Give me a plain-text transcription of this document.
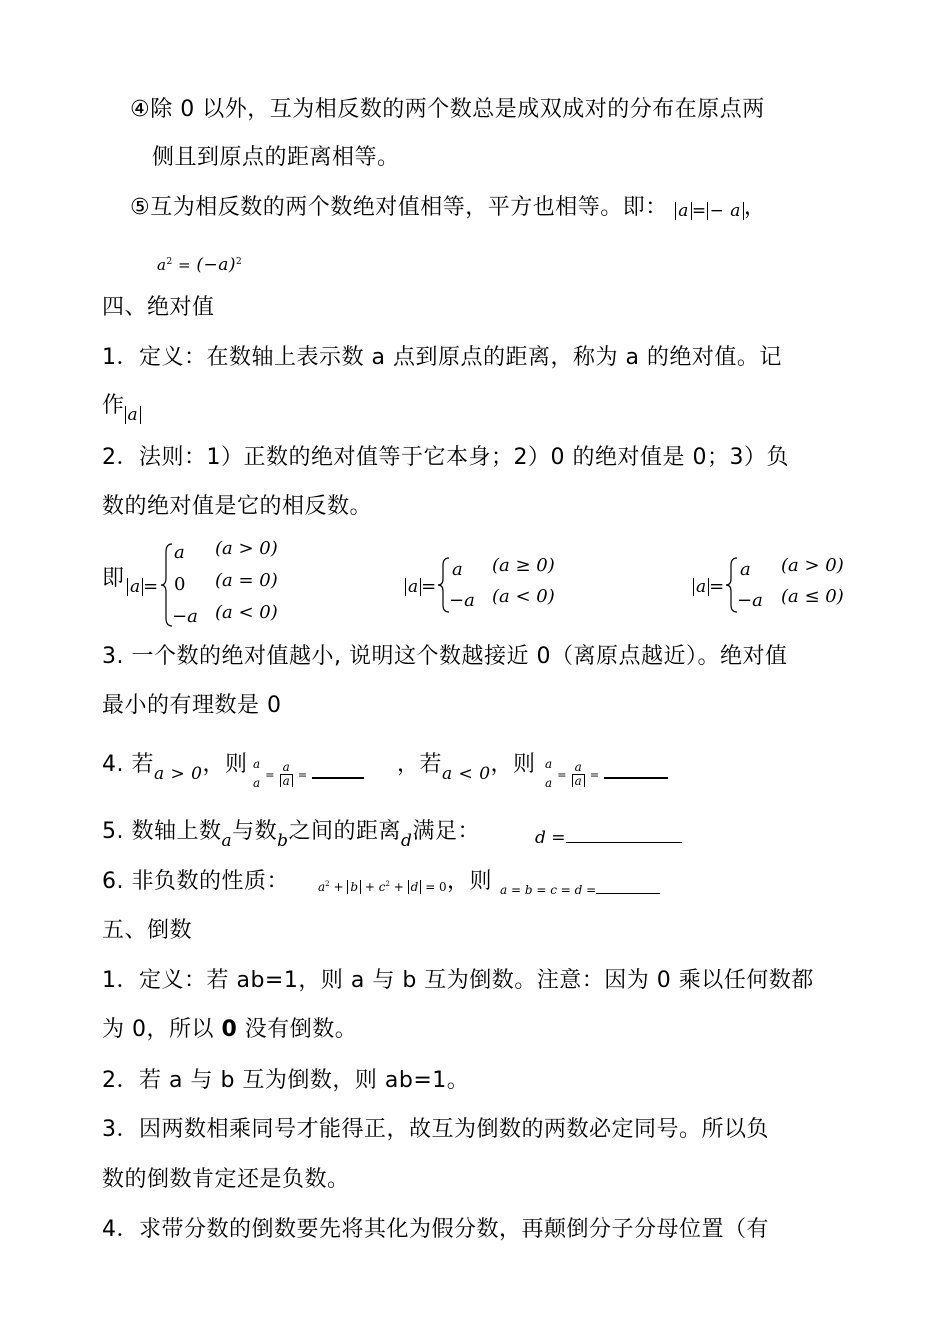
④除 0 以外，互为相反数的两个数总是成双成对的分布在原点两
侧且到原点的距离相等。
⑤互为相反数的两个数绝对值相等，平方也相等。即： a = − a ，
$a^2 = (-a)^2$
四、绝对值
1．定义：在数轴上表示数 a 点到原点的距离，称为 a 的绝对值。记
作 a
2．法则：1）正数的绝对值等于它本身；2）0 的绝对值是 0；3）负
数的绝对值是它的相反数。
即 a =
a (a > 0)
0 (a = 0)
−a (a < 0)
a =
a (a ≥ 0)
−a (a < 0)	a =
a (a > 0)
−a (a ≤ 0)
3. 一个数的绝对值越小, 说明这个数越接近 0（离原点越近）。绝对值
最小的有理数是 0
4. 若$_{a > 0}$，则 a
a
= $\frac{a}{a}$ =	，若$_{a < 0}$，则 a
a
= $\frac{a}{a}$ =
5. 数轴上数$_a$与数$_b$之间的距离$_d$满足：	d =
6. 非负数的性质： $a^2 + b + c^2 + d = 0$ ，则 a = b = c = d =
五、倒数
1．定义：若 ab=1，则 a 与 b 互为倒数。注意：因为 0 乘以任何数都
为 0，所以 0 没有倒数。
2．若 a 与 b 互为倒数，则 ab=1。
3．因两数相乘同号才能得正，故互为倒数的两数必定同号。所以负
数的倒数肯定还是负数。
4．求带分数的倒数要先将其化为假分数，再颠倒分子分母位置（有
